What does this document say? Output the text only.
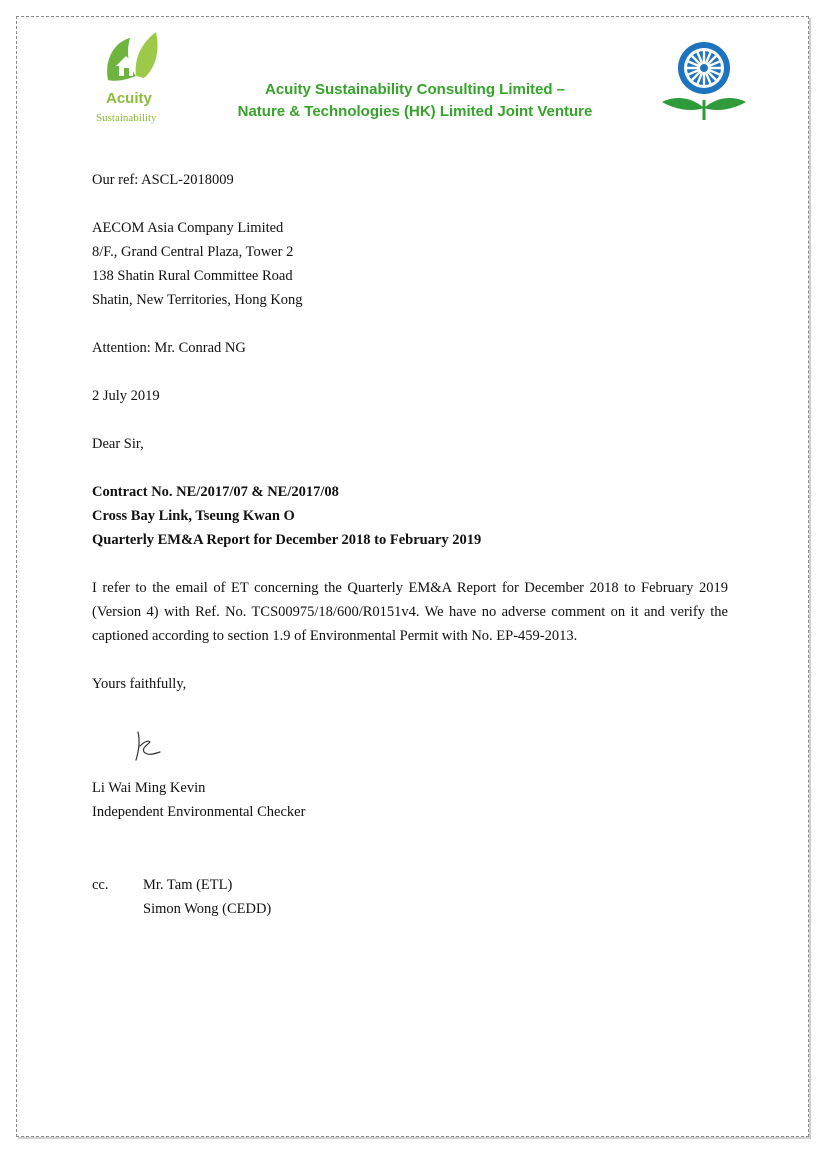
Acuity
Sustainability
Acuity Sustainability Consulting Limited –
Nature & Technologies (HK) Limited Joint Venture
Our ref: ASCL-2018009
AECOM Asia Company Limited
8/F., Grand Central Plaza, Tower 2
138 Shatin Rural Committee Road
Shatin, New Territories, Hong Kong
Attention: Mr. Conrad NG
2 July 2019
Dear Sir,
Contract No. NE/2017/07 & NE/2017/08
Cross Bay Link, Tseung Kwan O
Quarterly EM&A Report for December 2018 to February 2019
I refer to the email of ET concerning the Quarterly EM&A Report for December 2018 to February 2019 (Version 4) with Ref. No. TCS00975/18/600/R0151v4. We have no adverse comment on it and verify the captioned according to section 1.9 of Environmental Permit with No. EP-459-2013.
Yours faithfully,
Li Wai Ming Kevin
Independent Environmental Checker
cc. Mr. Tam (ETL)
Simon Wong (CEDD)
